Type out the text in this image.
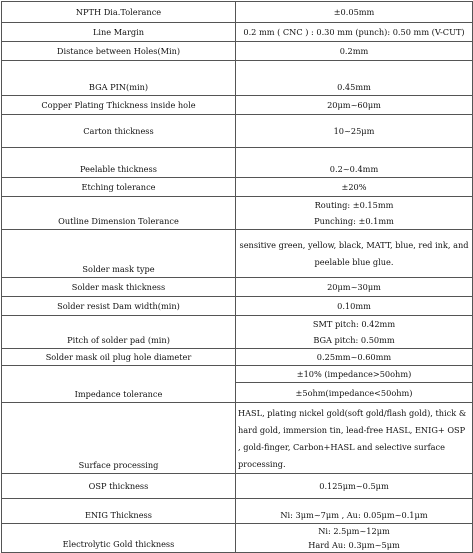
NPTH Dia.Tolerance	±0.05mm
Line Margin	0.2 mm ( CNC ) : 0.30 mm (punch): 0.50 mm (V-CUT)
Distance between Holes(Min)	0.2mm
BGA PIN(min)	0.45mm
Copper Plating Thickness inside hole	20μm~60μm
Carton thickness	10~25μm
Peelable thickness	0.2~0.4mm
Etching tolerance	±20%
Outline Dimension Tolerance	Routing: ±0.15mm
Punching: ±0.1mm

Solder mask type	sensitive green, yellow, black, MATT, blue, red ink, and peelable blue glue.
Solder mask thickness	20μm~30μm
Solder resist Dam width(min)	0.10mm
Pitch of solder pad (min)	SMT pitch: 0.42mm
BGA pitch: 0.50mm

Solder mask oil plug hole diameter	0.25mm~0.60mm
Impedance tolerance	±10% (impedance>50ohm)
	±5ohm(impedance<50ohm)
Surface processing	HASL, plating nickel gold(soft gold/flash gold), thick & hard gold, immersion tin, lead-free HASL, ENIG+ OSP , gold-finger, Carbon+HASL and selective surface processing.
OSP thickness	0.125μm~0.5μm
ENIG Thickness	Ni: 3μm~7μm , Au: 0.05μm~0.1μm
Electrolytic Gold thickness	Ni: 2.5μm~12μm
Hard Au: 0.3μm~5μm
